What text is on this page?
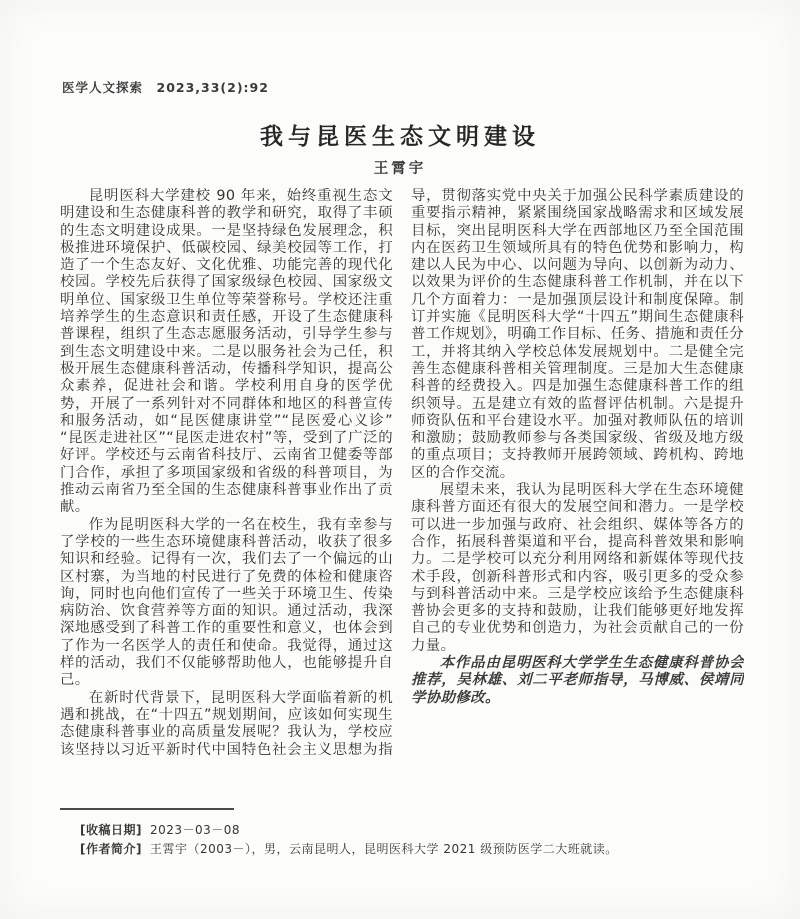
医学人文探索　2023,33(2):92
我与昆医生态文明建设
王霄宇

昆明医科大学建校 90 年来，始终重视生态文明建设和生态健康科普的教学和研究，取得了丰硕的生态文明建设成果。一是坚持绿色发展理念，积极推进环境保护、低碳校园、绿美校园等工作，打造了一个生态友好、文化优雅、功能完善的现代化校园。学校先后获得了国家级绿色校园、国家级文明单位、国家级卫生单位等荣誉称号。学校还注重培养学生的生态意识和责任感，开设了生态健康科普课程，组织了生态志愿服务活动，引导学生参与到生态文明建设中来。二是以服务社会为己任，积极开展生态健康科普活动，传播科学知识，提高公众素养，促进社会和谐。学校利用自身的医学优势，开展了一系列针对不同群体和地区的科普宣传和服务活动，如“昆医健康讲堂”“昆医爱心义诊”“昆医走进社区”“昆医走进农村”等，受到了广泛的好评。学校还与云南省科技厅、云南省卫健委等部门合作，承担了多项国家级和省级的科普项目，为推动云南省乃至全国的生态健康科普事业作出了贡献。

作为昆明医科大学的一名在校生，我有幸参与了学校的一些生态环境健康科普活动，收获了很多知识和经验。记得有一次，我们去了一个偏远的山区村寨，为当地的村民进行了免费的体检和健康咨询，同时也向他们宣传了一些关于环境卫生、传染病防治、饮食营养等方面的知识。通过活动，我深深地感受到了科普工作的重要性和意义，也体会到了作为一名医学人的责任和使命。我觉得，通过这样的活动，我们不仅能够帮助他人，也能够提升自己。

在新时代背景下，昆明医科大学面临着新的机遇和挑战，在“十四五”规划期间，应该如何实现生态健康科普事业的高质量发展呢？我认为，学校应该坚持以习近平新时代中国特色社会主义思想为指导，贯彻落实党中央关于加强公民科学素质建设的重要指示精神，紧紧围绕国家战略需求和区域发展目标，突出昆明医科大学在西部地区乃至全国范围内在医药卫生领域所具有的特色优势和影响力，构建以人民为中心、以问题为导向、以创新为动力、以效果为评价的生态健康科普工作机制，并在以下几个方面着力：一是加强顶层设计和制度保障。制订并实施《昆明医科大学“十四五”期间生态健康科普工作规划》，明确工作目标、任务、措施和责任分工，并将其纳入学校总体发展规划中。二是健全完善生态健康科普相关管理制度。三是加大生态健康科普的经费投入。四是加强生态健康科普工作的组织领导。五是建立有效的监督评估机制。六是提升师资队伍和平台建设水平。加强对教师队伍的培训和激励；鼓励教师参与各类国家级、省级及地方级的重点项目；支持教师开展跨领域、跨机构、跨地区的合作交流。

展望未来，我认为昆明医科大学在生态环境健康科普方面还有很大的发展空间和潜力。一是学校可以进一步加强与政府、社会组织、媒体等各方的合作，拓展科普渠道和平台，提高科普效果和影响力。二是学校可以充分利用网络和新媒体等现代技术手段，创新科普形式和内容，吸引更多的受众参与到科普活动中来。三是学校应该给予生态健康科普协会更多的支持和鼓励，让我们能够更好地发挥自己的专业优势和创造力，为社会贡献自己的一份力量。

本作品由昆明医科大学学生生态健康科普协会推荐，吴林雄、刘二平老师指导，马博威、侯靖同学协助修改。

[收稿日期] 2023－03－08
[作者简介] 王霄宇（2003－），男，云南昆明人，昆明医科大学 2021 级预防医学二大班就读。
